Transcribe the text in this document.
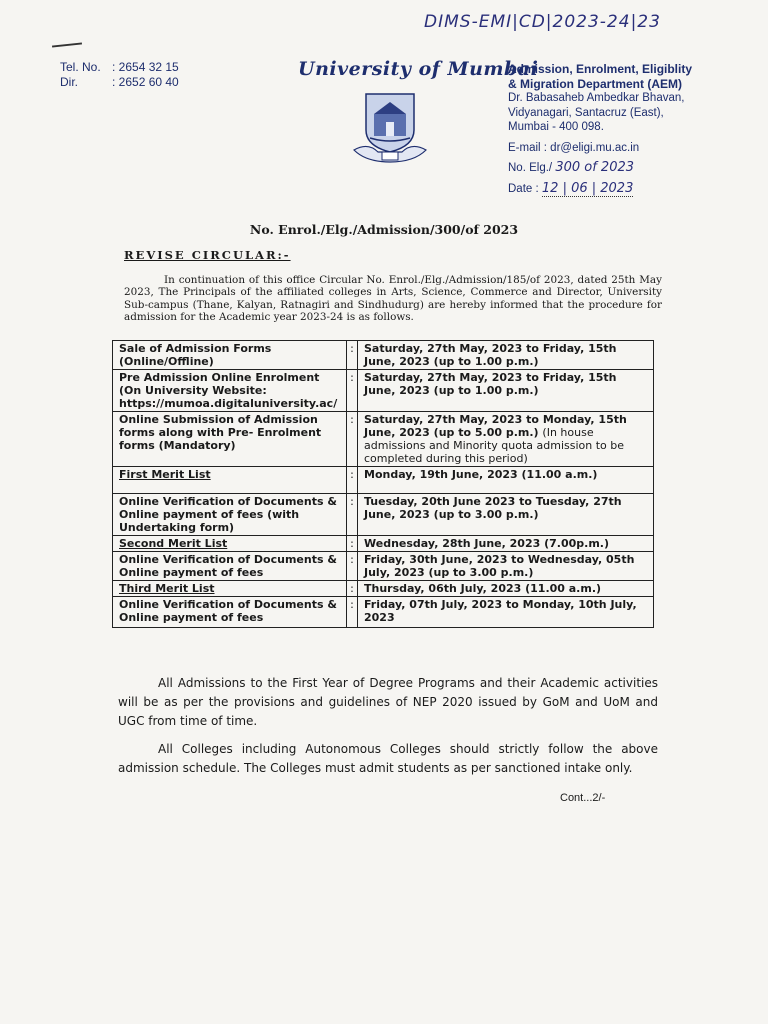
DIMS-EMI|CD|2023-24|23
Tel. No. : 2654 32 15
Dir.	: 2652 60 40
University of Mumbai
Admission, Enrolment, Eligiblity
& Migration Department (AEM)
Dr. Babasaheb Ambedkar Bhavan,
Vidyanagari, Santacruz (East),
Mumbai - 400 098.
E-mail : dr@eligi.mu.ac.in
No. Elg./ 300 of 2023
Date : 12 | 06 | 2023
No. Enrol./Elg./Admission/300/of 2023
REVISE CIRCULAR:-
In continuation of this office Circular No. Enrol./Elg./Admission/185/of 2023, dated 25th May 2023, The Principals of the affiliated colleges in Arts, Science, Commerce and Director, University Sub-campus (Thane, Kalyan, Ratnagiri and Sindhudurg) are hereby informed that the procedure for admission for the Academic year 2023-24 is as follows.
Sale of Admission Forms (Online/Offline)	:	Saturday, 27th May, 2023 to Friday, 15th June, 2023 (up to 1.00 p.m.)
Pre Admission Online Enrolment (On University Website: https://mumoa.digitaluniversity.ac/	:	Saturday, 27th May, 2023 to Friday, 15th June, 2023 (up to 1.00 p.m.)
Online Submission of Admission forms along with Pre- Enrolment forms (Mandatory)	:	Saturday, 27th May, 2023 to Monday, 15th June, 2023 (up to 5.00 p.m.) (In house admissions and Minority quota admission to be completed during this period)
First Merit List	:	Monday, 19th June, 2023 (11.00 a.m.)
Online Verification of Documents & Online payment of fees (with Undertaking form)	:	Tuesday, 20th June 2023 to Tuesday, 27th June, 2023 (up to 3.00 p.m.)
Second Merit List	:	Wednesday, 28th June, 2023 (7.00p.m.)
Online Verification of Documents & Online payment of fees	:	Friday, 30th June, 2023 to Wednesday, 05th July, 2023 (up to 3.00 p.m.)
Third Merit List	:	Thursday, 06th July, 2023 (11.00 a.m.)
Online Verification of Documents & Online payment of fees	:	Friday, 07th July, 2023 to Monday, 10th July, 2023
All Admissions to the First Year of Degree Programs and their Academic activities will be as per the provisions and guidelines of NEP 2020 issued by GoM and UoM and UGC from time of time.
All Colleges including Autonomous Colleges should strictly follow the above admission schedule. The Colleges must admit students as per sanctioned intake only.
Cont...2/-
